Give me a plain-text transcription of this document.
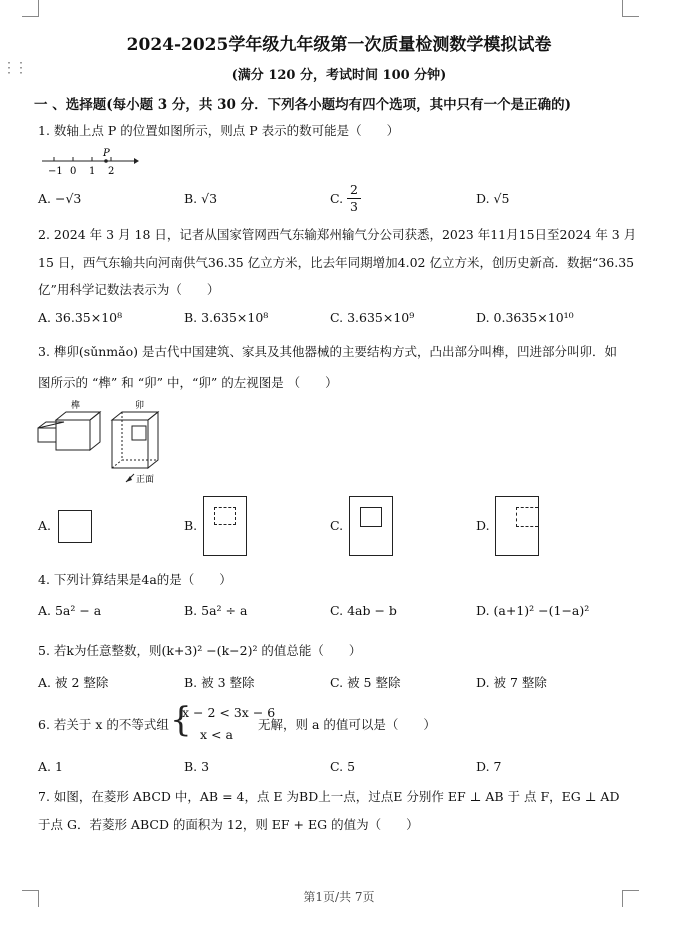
⋮⋮
2024-2025学年级九年级第一次质量检测数学模拟试卷
(满分 120 分，考试时间 100 分钟)
一 、选择题(每小题 3 分，共 30 分．下列各小题均有四个选项，其中只有一个是正确的)
1. 数轴上点 P 的位置如图所示，则点 P 表示的数可能是（　　）
−1 0 1 2
P
A. −√3	B. √3	C. $\frac{2}{3}$	D. √5
2. 2024 年 3 月 18 日，记者从国家管网西气东输郑州输气分公司获悉，2023 年11月15日至2024 年 3 月
15 日，西气东输共向河南供气36.35 亿立方米，比去年同期增加4.02 亿立方米，创历史新高．数据“36.35
亿”用科学记数法表示为（　　）
A. 36.35×10⁸	B. 3.635×10⁸	C. 3.635×10⁹	D. 0.3635×10¹⁰
3. 榫卯(sǔnmǎo) 是古代中国建筑、家具及其他器械的主要结构方式，凸出部分叫榫，凹进部分叫卯．如
图所示的 “榫” 和 “卯” 中，“卯” 的左视图是 （　　）
榫	卯
正面
A.	B.	C.	D.
4. 下列计算结果是4a的是（　　）
A. 5a² − a	B. 5a² ÷ a	C. 4ab − b	D. (a+1)² −(1−a)²
5. 若k为任意整数，则(k+3)² −(k−2)² 的值总能（　　）
A. 被 2 整除	B. 被 3 整除	C. 被 5 整除	D. 被 7 整除
6. 若关于 x 的不等式组 {
x − 2 < 3x − 6
x < a
无解，则 a 的值可以是（　　）
A. 1	B. 3	C. 5	D. 7
7. 如图，在菱形 ABCD 中，AB = 4，点 E 为BD上一点，过点E 分别作 EF ⊥ AB 于 点 F，EG ⊥ AD
于点 G．若菱形 ABCD 的面积为 12，则 EF + EG 的值为（　　）
第1页/共 7页
